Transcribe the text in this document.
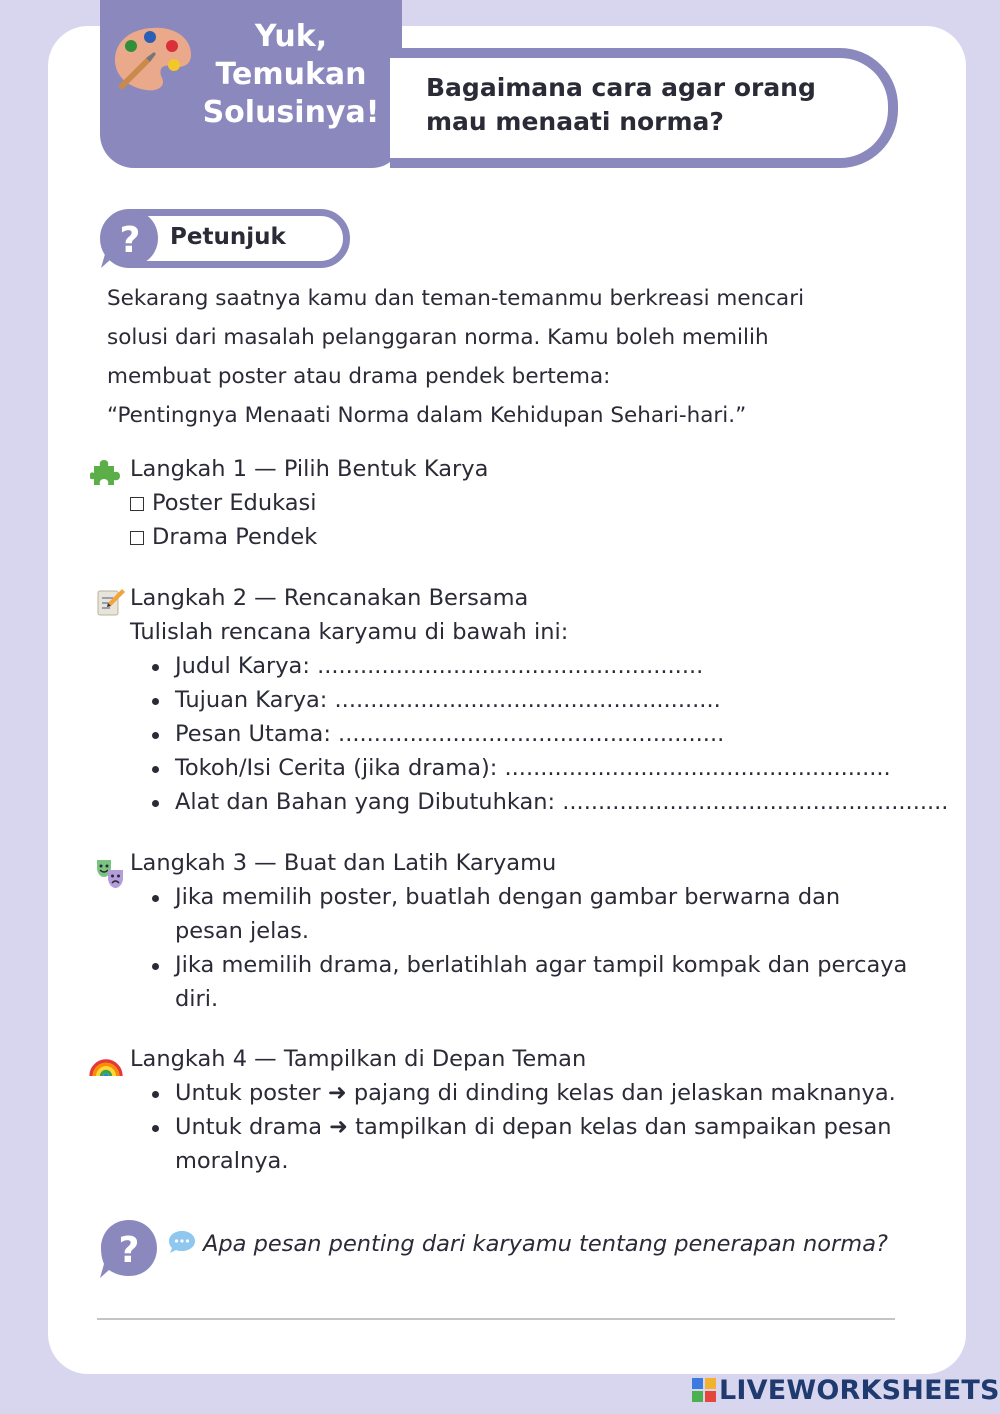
Yuk, Temukan Solusinya!
Bagaimana cara agar orang mau menaati norma?
? Petunjuk
Sekarang saatnya kamu dan teman-temanmu berkreasi mencari
solusi dari masalah pelanggaran norma. Kamu boleh memilih
membuat poster atau drama pendek bertema:
“Pentingnya Menaati Norma dalam Kehidupan Sehari-hari.”
Langkah 1 — Pilih Bentuk Karya
Poster Edukasi
Drama Pendek
Langkah 2 — Rencanakan Bersama
Tulislah rencana karyamu di bawah ini:
Judul Karya: ......................................................
Tujuan Karya: ......................................................
Pesan Utama: ......................................................
Tokoh/Isi Cerita (jika drama): ......................................................
Alat dan Bahan yang Dibutuhkan: ......................................................
Langkah 3 — Buat dan Latih Karyamu
Jika memilih poster, buatlah dengan gambar berwarna dan
pesan jelas.
Jika memilih drama, berlatihlah agar tampil kompak dan percaya
diri.
Langkah 4 — Tampilkan di Depan Teman
Untuk poster ➜ pajang di dinding kelas dan jelaskan maknanya.
Untuk drama ➜ tampilkan di depan kelas dan sampaikan pesan
moralnya.
?	Apa pesan penting dari karyamu tentang penerapan norma?
LIVEWORKSHEETS
